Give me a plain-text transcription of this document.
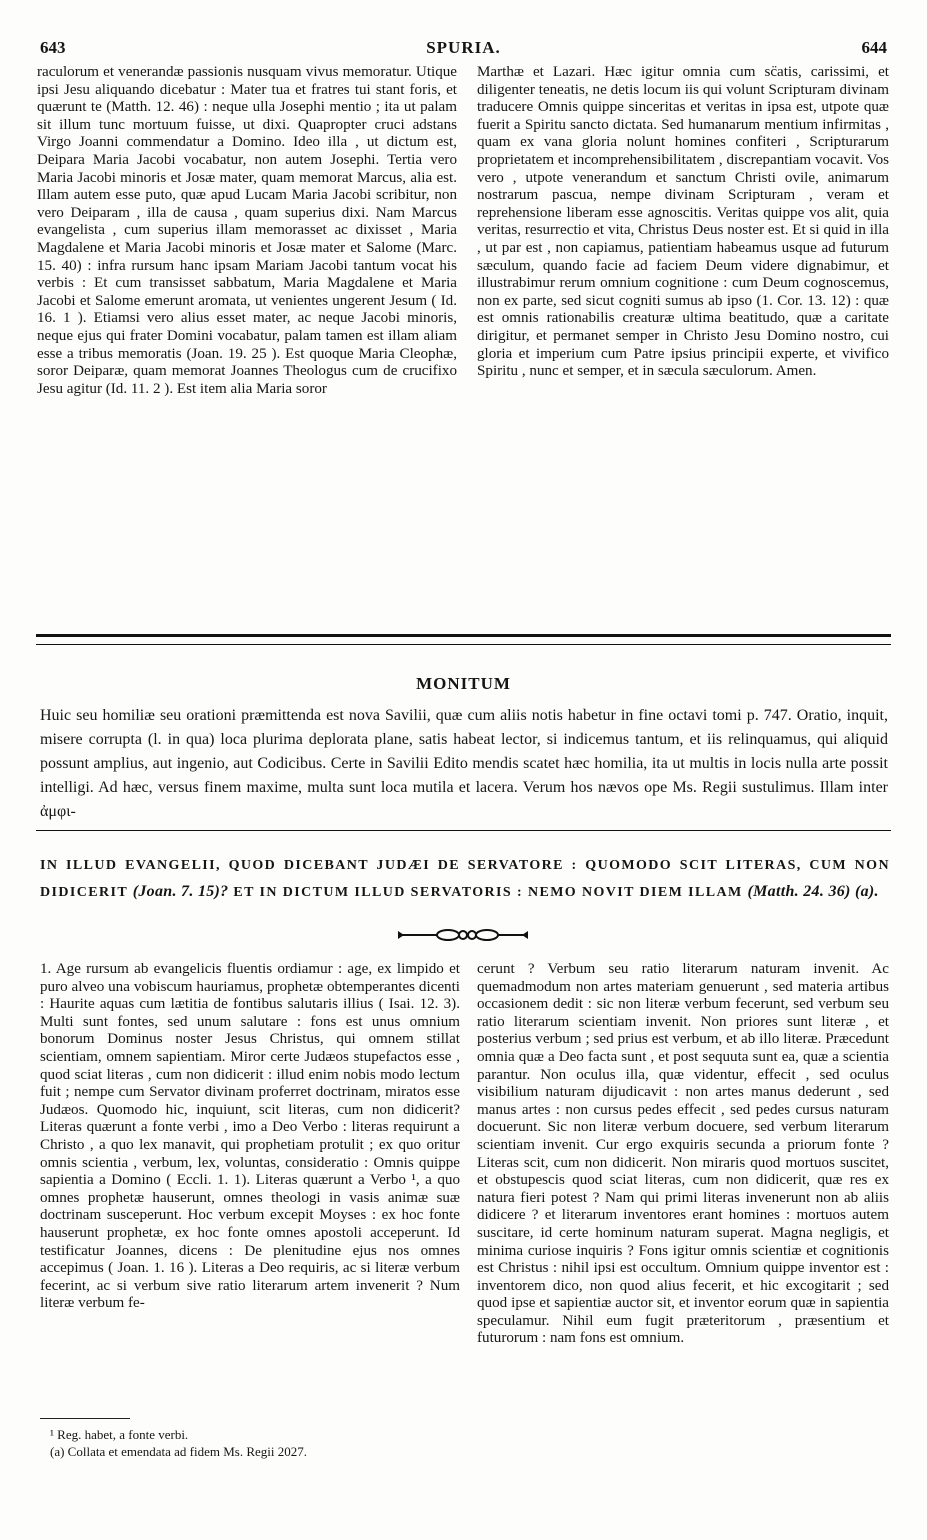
643	SPURIA.	644

raculorum et venerandæ passionis nusquam vivus memoratur. Utique ipsi Jesu aliquando dicebatur : Mater tua et fratres tui stant foris, et quærunt te (Matth. 12. 46) : neque ulla Josephi mentio ; ita ut palam sit illum tunc mortuum fuisse, ut dixi. Quapropter cruci adstans Virgo Joanni commendatur a Domino. Ideo illa , ut dictum est, Deipara Maria Jacobi vocabatur, non autem Josephi. Tertia vero Maria Jacobi minoris et Josæ mater, quam memorat Marcus, alia est. Illam autem esse puto, quæ apud Lucam Maria Jacobi scribitur, non vero Deiparam , illa de causa , quam superius dixi. Nam Marcus evangelista , cum superius illam memorasset ac dixisset , Maria Magdalene et Maria Jacobi minoris et Josæ mater et Salome (Marc. 15. 40) : infra rursum hanc ipsam Mariam Jacobi tantum vocat his verbis : Et cum transisset sabbatum, Maria Magdalene et Maria Jacobi et Salome emerunt aromata, ut venientes ungerent Jesum ( Id. 16. 1 ). Etiamsi vero alius esset mater, ac neque Jacobi minoris, neque ejus qui frater Domini vocabatur, palam tamen est illam aliam esse a tribus memoratis (Joan. 19. 25 ). Est quoque Maria Cleophæ, soror Deiparæ, quam memorat Joannes Theologus cum de crucifixo Jesu agitur (Id. 11. 2 ). Est item alia Maria soror

Marthæ et Lazari. Hæc igitur omnia cum sc̈atis, carissimi, et diligenter teneatis, ne detis locum iis qui volunt Scripturam divinam traducere Omnis quippe sinceritas et veritas in ipsa est, utpote quæ fuerit a Spiritu sancto dictata. Sed humanarum mentium infirmitas , quam ex vana gloria nolunt homines confiteri , Scripturarum proprietatem et incomprehensibilitatem , discrepantiam vocavit. Vos vero , utpote venerandum et sanctum Christi ovile, animarum nostrarum pascua, nempe divinam Scripturam , veram et reprehensione liberam esse agnoscitis. Veritas quippe vos alit, quia veritas, resurrectio et vita, Christus Deus noster est. Et si quid in illa , ut par est , non capiamus, patientiam habeamus usque ad futurum sæculum, quando facie ad faciem Deum videre dignabimur, et illustrabimur rerum omnium cognitione : cum Deum cognoscemus, non ex parte, sed sicut cogniti sumus ab ipso (1. Cor. 13. 12) : quæ est omnis rationabilis creaturæ ultima beatitudo, quæ a caritate dirigitur, et permanet semper in Christo Jesu Domino nostro, cui gloria et imperium cum Patre ipsius principii experte, et vivifico Spiritu , nunc et semper, et in sæcula sæculorum. Amen.

MONITUM

Huic seu homiliæ seu orationi præmittenda est nova Savilii, quæ cum aliis notis habetur in fine octavi tomi p. 747. Oratio, inquit, misere corrupta (l. in qua) loca plurima deplorata plane, satis habeat lector, si indicemus tantum, et iis relinquamus, qui aliquid possunt amplius, aut ingenio, aut Codicibus. Certe in Savilii Edito mendis scatet hæc homilia, ita ut multis in locis nulla arte possit intelligi. Ad hæc, versus finem maxime, multa sunt loca mutila et lacera. Verum hos nævos ope Ms. Regii sustulimus. Illam inter ἀμφι-

IN ILLUD EVANGELII, QUOD DICEBANT JUDÆI DE SERVATORE : QUOMODO SCIT LITERAS, CUM NON DIDICERIT (Joan. 7. 15)? ET IN DICTUM ILLUD SERVATORIS : NEMO NOVIT DIEM ILLAM (Matth. 24. 36) (a).

1. Age rursum ab evangelicis fluentis ordiamur : age, ex limpido et puro alveo una vobiscum hauriamus, prophetæ obtemperantes dicenti : Haurite aquas cum lætitia de fontibus salutaris illius ( Isai. 12. 3). Multi sunt fontes, sed unum salutare : fons est unus omnium bonorum Dominus noster Jesus Christus, qui omnem stillat scientiam, omnem sapientiam. Miror certe Judæos stupefactos esse , quod sciat literas , cum non didicerit : illud enim nobis modo lectum fuit ; nempe cum Servator divinam proferret doctrinam, miratos esse Judæos. Quomodo hic, inquiunt, scit literas, cum non didicerit? Literas quærunt a fonte verbi , imo a Deo Verbo : literas requirunt a Christo , a quo lex manavit, qui prophetiam protulit ; ex quo oritur omnis scientia , verbum, lex, voluntas, consideratio : Omnis quippe sapientia a Domino ( Eccli. 1. 1). Literas quærunt a Verbo ¹, a quo omnes prophetæ hauserunt, omnes theologi in vasis animæ suæ doctrinam susceperunt. Hoc verbum excepit Moyses : ex hoc fonte hauserunt prophetæ, ex hoc fonte omnes apostoli acceperunt. Id testificatur Joannes, dicens : De plenitudine ejus nos omnes accepimus ( Joan. 1. 16 ). Literas a Deo requiris, ac si literæ verbum fecerint, ac si verbum sive ratio literarum artem invenerit ? Num literæ verbum fe-

cerunt ? Verbum seu ratio literarum naturam invenit. Ac quemadmodum non artes materiam genuerunt , sed materia artibus occasionem dedit : sic non literæ verbum fecerunt, sed verbum seu ratio literarum scientiam invenit. Non priores sunt literæ , et posterius verbum ; sed prius est verbum, et ab illo literæ. Præcedunt omnia quæ a Deo facta sunt , et post sequuta sunt ea, quæ a scientia parantur. Non oculus illa, quæ videntur, effecit , sed oculus visibilium naturam dijudicavit : non artes manus dederunt , sed manus artes : non cursus pedes effecit , sed pedes cursus naturam docuerunt. Sic non literæ verbum docuere, sed verbum literarum scientiam invenit. Cur ergo exquiris secunda a priorum fonte ? Literas scit, cum non didicerit. Non miraris quod mortuos suscitet, et obstupescis quod sciat literas, cum non didicerit, quæ res ex natura fieri potest ? Nam qui primi literas invenerunt non ab aliis didicere ? et literarum inventores erant homines : mortuos autem suscitare, id certe hominum naturam superat. Magna negligis, et minima curiose inquiris ? Fons igitur omnis scientiæ et cognitionis est Christus : nihil ipsi est occultum. Omnium quippe inventor est : inventorem dico, non quod alius fecerit, et hic excogitarit ; sed quod ipse et sapientiæ auctor sit, et inventor eorum quæ in sapientia speculamur. Nihil eum fugit præteritorum , præsentium et futurorum : nam fons est omnium.

¹ Reg. habet, a fonte verbi.

(a) Collata et emendata ad fidem Ms. Regii 2027.
